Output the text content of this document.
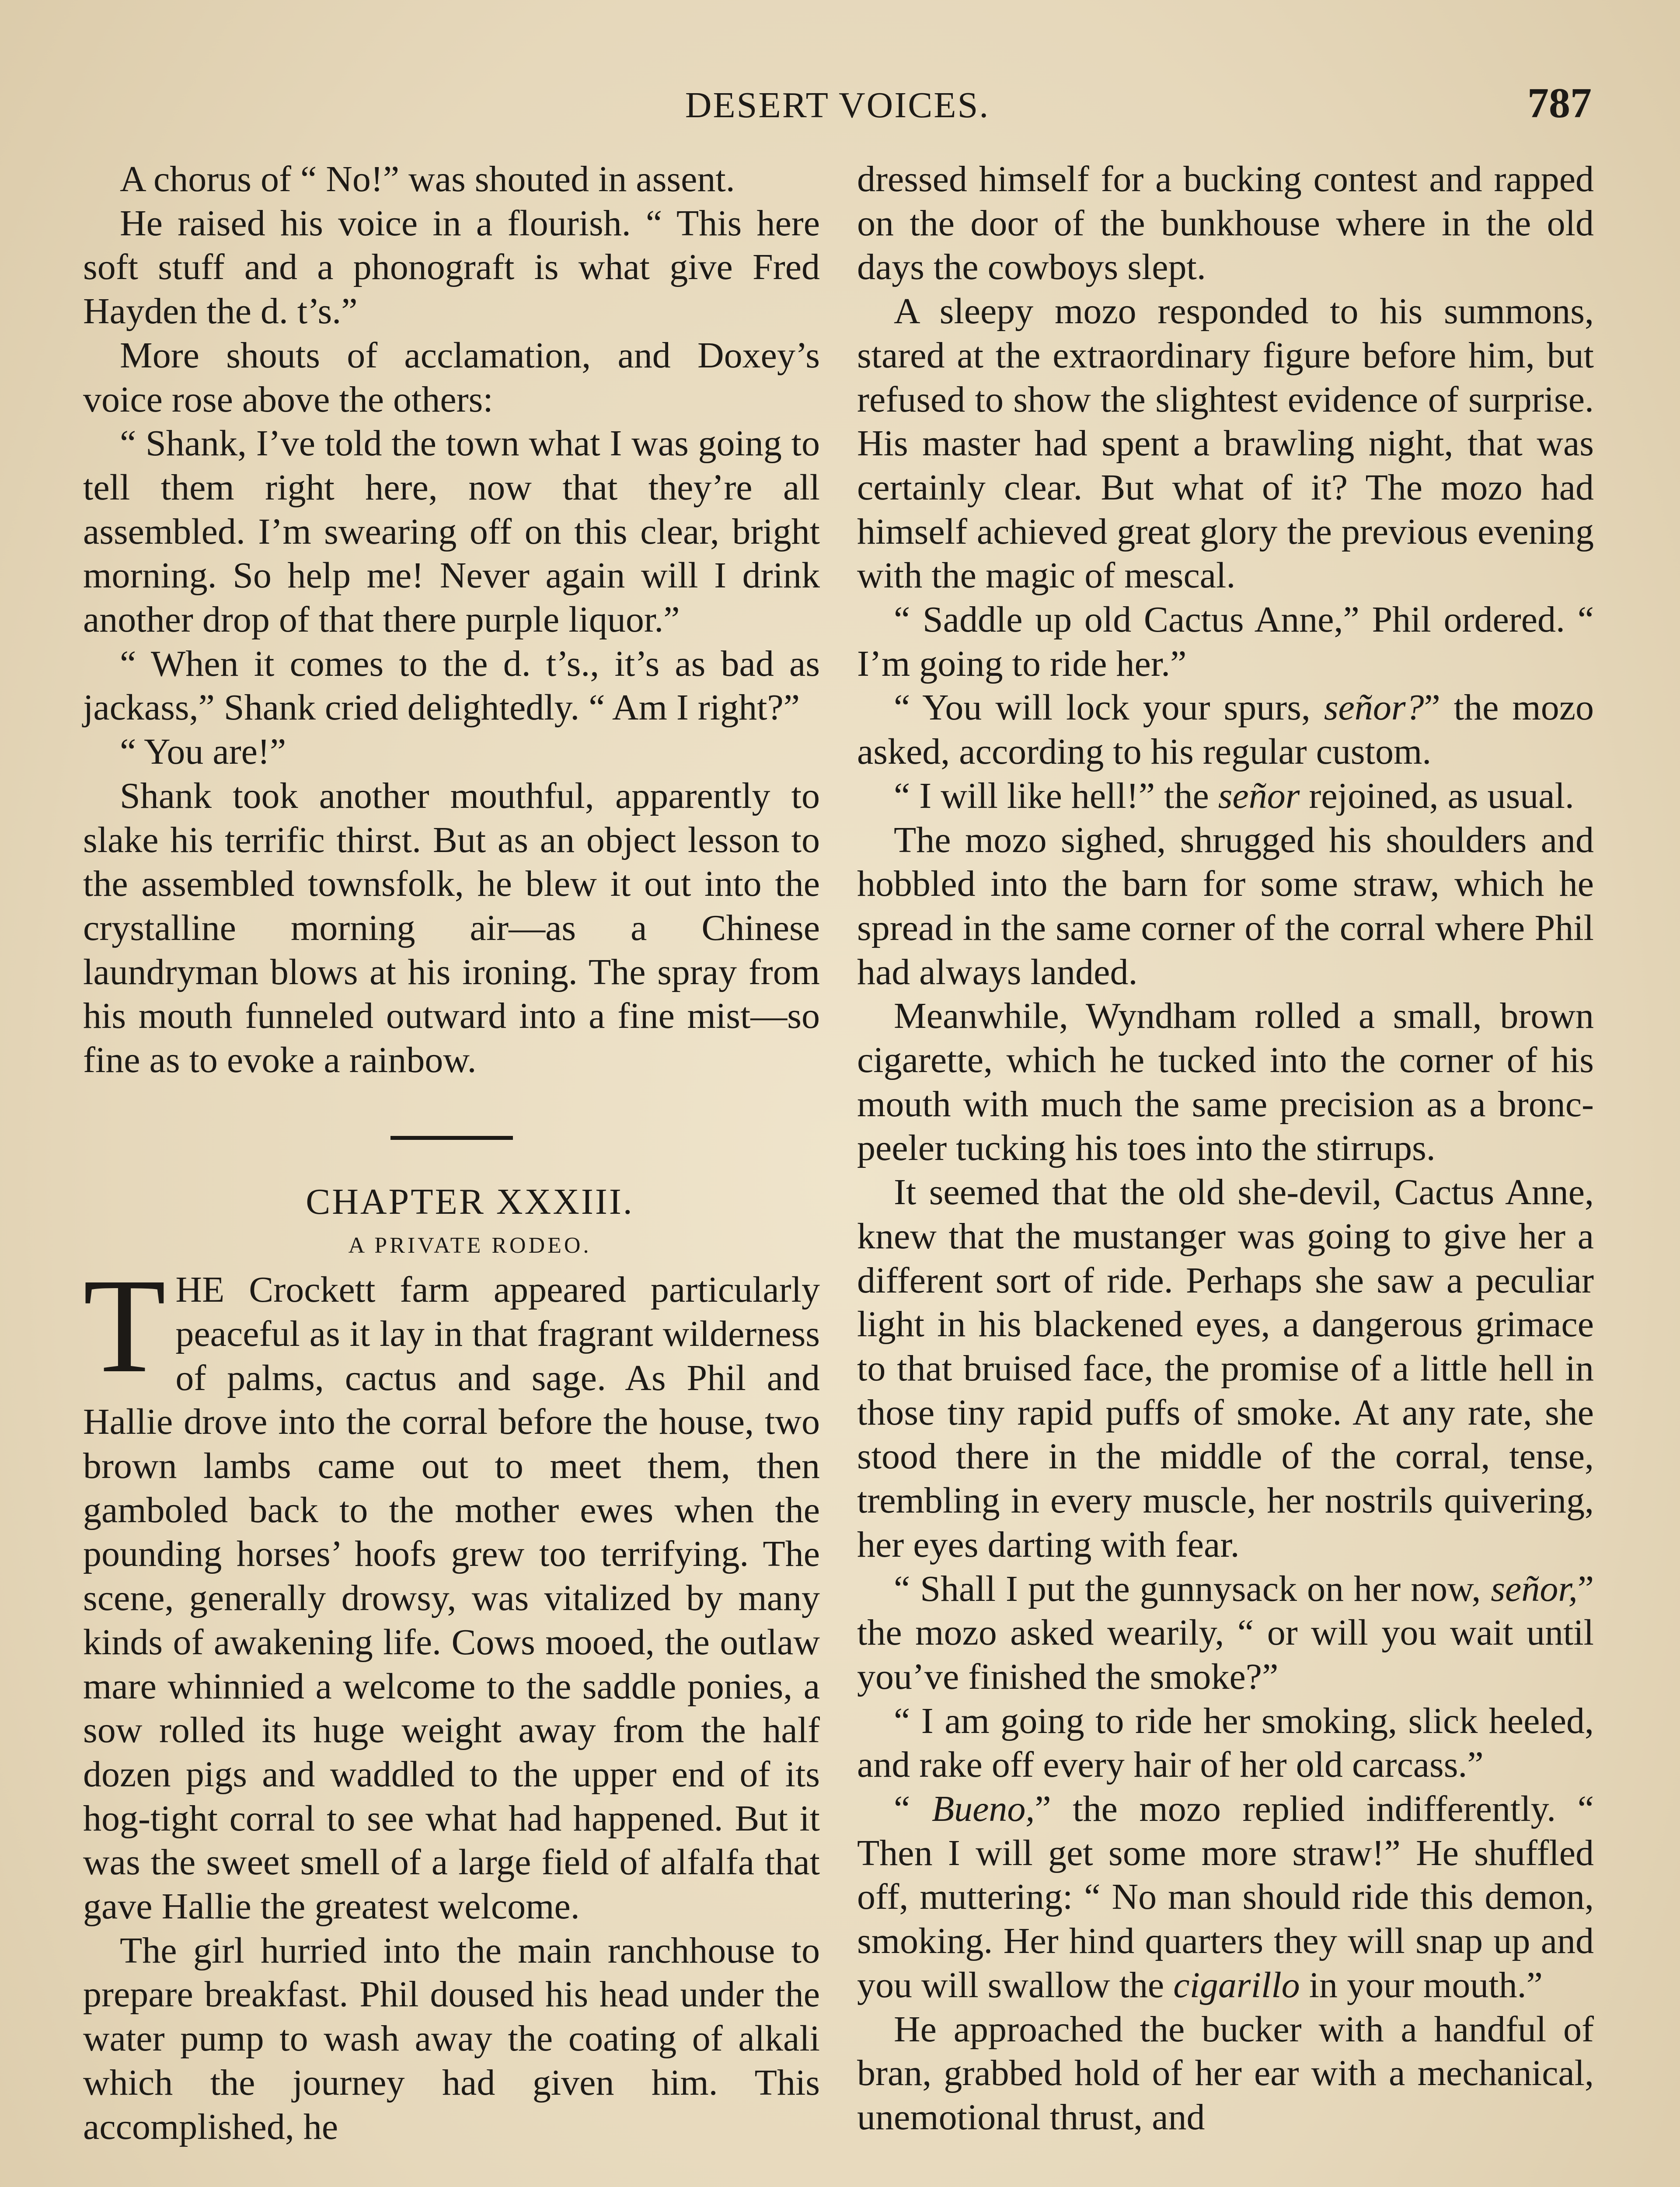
DESERT VOICES.	787

A chorus of “ No!” was shouted in assent.

He raised his voice in a flourish. “ This here soft stuff and a phonograft is what give Fred Hayden the d. t’s.”

More shouts of acclamation, and Doxey’s voice rose above the others:

“ Shank, I’ve told the town what I was going to tell them right here, now that they’re all assembled. I’m swearing off on this clear, bright morning. So help me! Never again will I drink another drop of that there purple liquor.”

“ When it comes to the d. t’s., it’s as bad as jackass,” Shank cried delightedly. “ Am I right?”

“ You are!”

Shank took another mouthful, apparently to slake his terrific thirst. But as an object lesson to the assembled townsfolk, he blew it out into the crystalline morning air—as a Chinese laundryman blows at his ironing. The spray from his mouth funneled outward into a fine mist—so fine as to evoke a rainbow.

CHAPTER XXXIII.

A PRIVATE RODEO.

THE Crockett farm appeared particularly peaceful as it lay in that fragrant wilderness of palms, cactus and sage. As Phil and Hallie drove into the corral before the house, two brown lambs came out to meet them, then gamboled back to the mother ewes when the pounding horses’ hoofs grew too terrifying. The scene, generally drowsy, was vitalized by many kinds of awakening life. Cows mooed, the outlaw mare whinnied a welcome to the saddle ponies, a sow rolled its huge weight away from the half dozen pigs and waddled to the upper end of its hog-tight corral to see what had happened. But it was the sweet smell of a large field of alfalfa that gave Hallie the greatest welcome.

The girl hurried into the main ranchhouse to prepare breakfast. Phil doused his head under the water pump to wash away the coating of alkali which the journey had given him. This accomplished, he

dressed himself for a bucking contest and rapped on the door of the bunkhouse where in the old days the cowboys slept.

A sleepy mozo responded to his summons, stared at the extraordinary figure before him, but refused to show the slightest evidence of surprise. His master had spent a brawling night, that was certainly clear. But what of it? The mozo had himself achieved great glory the previous evening with the magic of mescal.

“ Saddle up old Cactus Anne,” Phil ordered. “ I’m going to ride her.”

“ You will lock your spurs, señor?” the mozo asked, according to his regular custom.

“ I will like hell!” the señor rejoined, as usual.

The mozo sighed, shrugged his shoulders and hobbled into the barn for some straw, which he spread in the same corner of the corral where Phil had always landed.

Meanwhile, Wyndham rolled a small, brown cigarette, which he tucked into the corner of his mouth with much the same precision as a bronc-peeler tucking his toes into the stirrups.

It seemed that the old she-devil, Cactus Anne, knew that the mustanger was going to give her a different sort of ride. Perhaps she saw a peculiar light in his blackened eyes, a dangerous grimace to that bruised face, the promise of a little hell in those tiny rapid puffs of smoke. At any rate, she stood there in the middle of the corral, tense, trembling in every muscle, her nostrils quivering, her eyes darting with fear.

“ Shall I put the gunnysack on her now, señor,” the mozo asked wearily, “ or will you wait until you’ve finished the smoke?”

“ I am going to ride her smoking, slick heeled, and rake off every hair of her old carcass.”

“ Bueno,” the mozo replied indifferently. “ Then I will get some more straw!” He shuffled off, muttering: “ No man should ride this demon, smoking. Her hind quarters they will snap up and you will swallow the cigarillo in your mouth.”

He approached the bucker with a handful of bran, grabbed hold of her ear with a mechanical, unemotional thrust, and
